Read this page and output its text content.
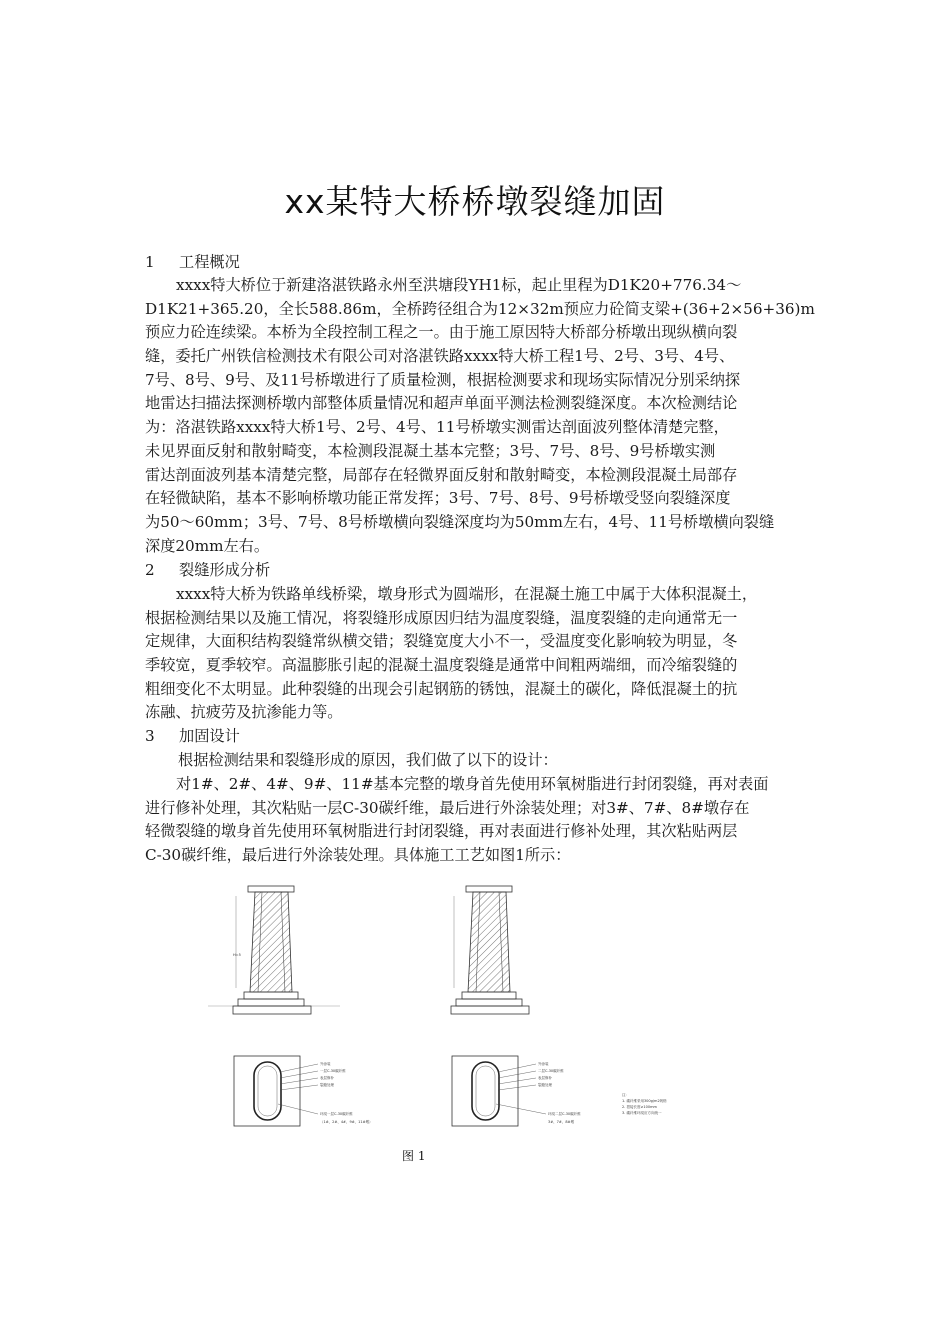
xx某特大桥桥墩裂缝加固
1 工程概况
xxxx特大桥位于新建洛湛铁路永州至洪塘段YH1标，起止里程为D1K20+776.34～
D1K21+365.20，全长588.86m，全桥跨径组合为12×32m预应力砼简支梁+(36+2×56+36)m
预应力砼连续梁。本桥为全段控制工程之一。由于施工原因特大桥部分桥墩出现纵横向裂
缝，委托广州铁信检测技术有限公司对洛湛铁路xxxx特大桥工程1号、2号、3号、4号、
7号、8号、9号、及11号桥墩进行了质量检测，根据检测要求和现场实际情况分别采纳探
地雷达扫描法探测桥墩内部整体质量情况和超声单面平测法检测裂缝深度。本次检测结论
为：洛湛铁路xxxx特大桥1号、2号、4号、11号桥墩实测雷达剖面波列整体清楚完整，
未见界面反射和散射畸变，本检测段混凝土基本完整；3号、7号、8号、9号桥墩实测
雷达剖面波列基本清楚完整，局部存在轻微界面反射和散射畸变，本检测段混凝土局部存
在轻微缺陷，基本不影响桥墩功能正常发挥；3号、7号、8号、9号桥墩受竖向裂缝深度
为50～60mm；3号、7号、8号桥墩横向裂缝深度均为50mm左右，4号、11号桥墩横向裂缝
深度20mm左右。
2 裂缝形成分析
xxxx特大桥为铁路单线桥梁，墩身形式为圆端形，在混凝土施工中属于大体积混凝土，
根据检测结果以及施工情况，将裂缝形成原因归结为温度裂缝，温度裂缝的走向通常无一
定规律，大面积结构裂缝常纵横交错；裂缝宽度大小不一，受温度变化影响较为明显，冬
季较宽，夏季较窄。高温膨胀引起的混凝土温度裂缝是通常中间粗两端细，而冷缩裂缝的
粗细变化不太明显。此种裂缝的出现会引起钢筋的锈蚀，混凝土的碳化，降低混凝土的抗
冻融、抗疲劳及抗渗能力等。
3 加固设计
根据检测结果和裂缝形成的原因，我们做了以下的设计：
对1#、2#、4#、9#、11#基本完整的墩身首先使用环氧树脂进行封闭裂缝，再对表面
进行修补处理，其次粘贴一层C-30碳纤维，最后进行外涂装处理；对3#、7#、8#墩存在
轻微裂缝的墩身首先使用环氧树脂进行封闭裂缝，再对表面进行修补处理，其次粘贴两层
C-30碳纤维，最后进行外涂装处理。具体施工工艺如图1所示：
H=5
外涂装
一层C-30碳纤维
表层修补
裂缝处理
环绕一层C-30碳纤维
（1#、2#、4#、9#、11#墩）
外涂装
二层C-30碳纤维
表层修补
裂缝处理
环绕二层C-30碳纤维
3#、7#、8#墩
注：
1. 碳纤维采用300g/m2规格
2. 搭接长度≥100mm
3. 碳纤维环绕应方向统一
图 1
